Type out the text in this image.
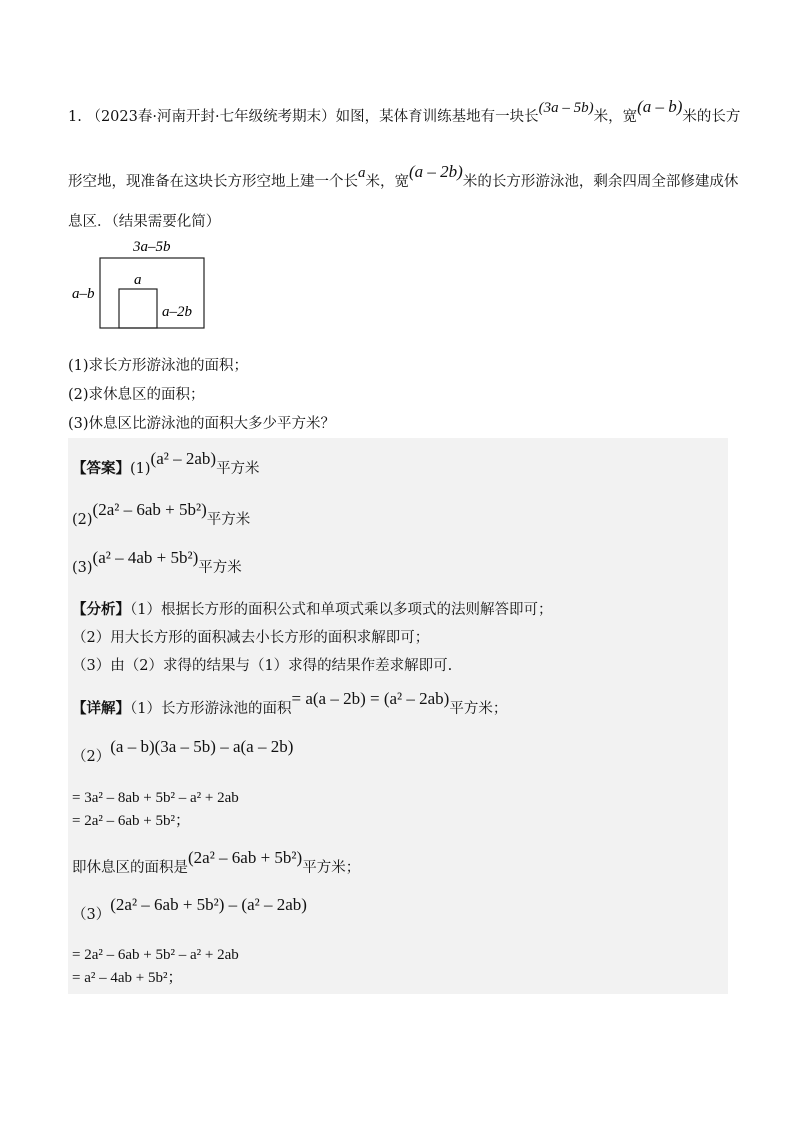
1. （2023春·河南开封·七年级统考期末）如图，某体育训练基地有一块长(3a – 5b)米，宽(a – b)米的长方
形空地，现准备在这块长方形空地上建一个长a米，宽(a – 2b)米的长方形游泳池，剩余四周全部修建成休
息区．（结果需要化简）
3a–5b
a–b
a
a–2b
(1)求长方形游泳池的面积；
(2)求休息区的面积；
(3)休息区比游泳池的面积大多少平方米？
【答案】(1)(a² – 2ab)平方米
(2)(2a² – 6ab + 5b²)平方米
(3)(a² – 4ab + 5b²)平方米
【分析】（1）根据长方形的面积公式和单项式乘以多项式的法则解答即可；
（2）用大长方形的面积减去小长方形的面积求解即可；
（3）由（2）求得的结果与（1）求得的结果作差求解即可.
【详解】（1）长方形游泳池的面积= a(a – 2b) = (a² – 2ab)平方米；
（2）(a – b)(3a – 5b) – a(a – 2b)
= 3a² – 8ab + 5b² – a² + 2ab
= 2a² – 6ab + 5b²；
即休息区的面积是(2a² – 6ab + 5b²)平方米；
（3）(2a² – 6ab + 5b²) – (a² – 2ab)
= 2a² – 6ab + 5b² – a² + 2ab
= a² – 4ab + 5b²；
